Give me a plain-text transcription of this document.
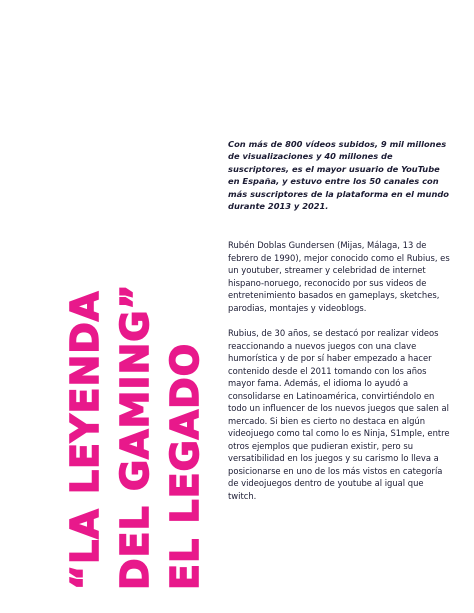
“LA LEYENDA DEL GAMING” EL LEGADO
Con más de 800 vídeos subidos, 9 mil millones de visualizaciones y 40 millones de suscriptores, es el mayor usuario de YouTube en España, y estuvo entre los 50 canales con más suscriptores de la plataforma en el mundo durante 2013 y 2021.

Rubén Doblas Gundersen (Mijas, Málaga, 13 de febrero de 1990), mejor conocido como el Rubius, es un youtuber, streamer y celebridad de internet hispano-noruego, reconocido por sus videos de entretenimiento basados en gameplays, sketches, parodias, montajes y videoblogs.

Rubius, de 30 años, se destacó por realizar videos reaccionando a nuevos juegos con una clave humorística y de por sí haber empezado a hacer contenido desde el 2011 tomando con los años mayor fama. Además, el idioma lo ayudó a consolidarse en Latinoamérica, convirtiéndolo en todo un influencer de los nuevos juegos que salen al mercado. Si bien es cierto no destaca en algún videojuego como tal como lo es Ninja, S1mple, entre otros ejemplos que pudieran existir, pero su versatibilidad en los juegos y su carismo lo lleva a posicionarse en uno de los más vistos en categoría de videojuegos dentro de youtube al igual que twitch.
